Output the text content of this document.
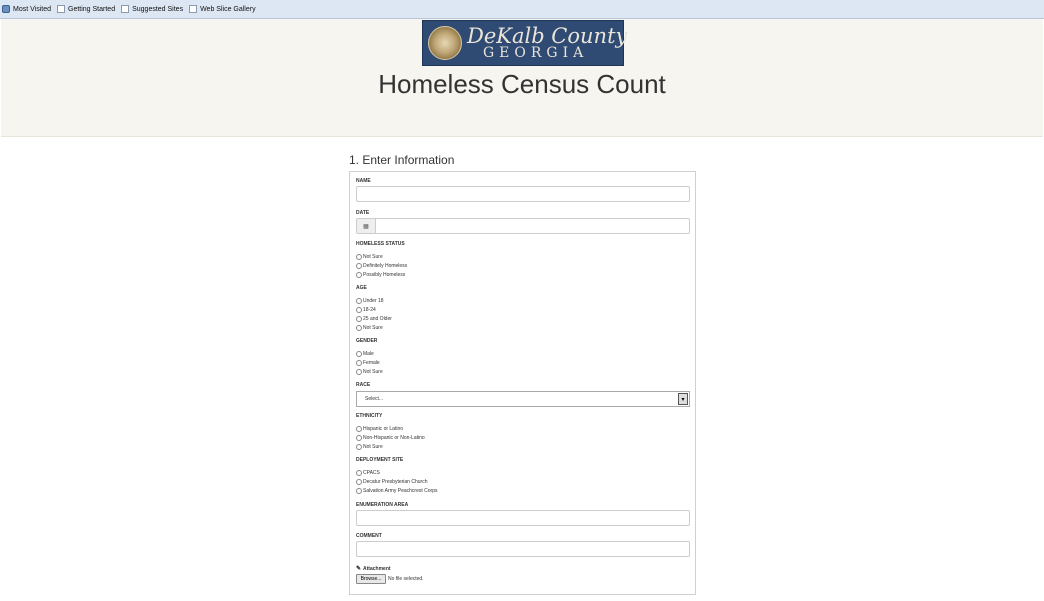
Most Visited Getting Started Suggested Sites Web Slice Gallery
DeKalb County
GEORGIA
Homeless Census Count
1. Enter Information
NAME
DATE
▦
HOMELESS STATUS
Not Sure
Definitely Homeless
Possibly Homeless
AGE
Under 18
18-24
25 and Older
Not Sure
GENDER
Male
Female
Not Sure
RACE
Select...	▾
ETHNICITY
Hispanic or Latino
Non-Hispanic or Non-Latino
Not Sure
DEPLOYMENT SITE
CPACS
Decatur Presbyterian Church
Salvation Army Peachcrest Corps
ENUMERATION AREA
COMMENT
✎ Attachment
Browse...	No file selected.
